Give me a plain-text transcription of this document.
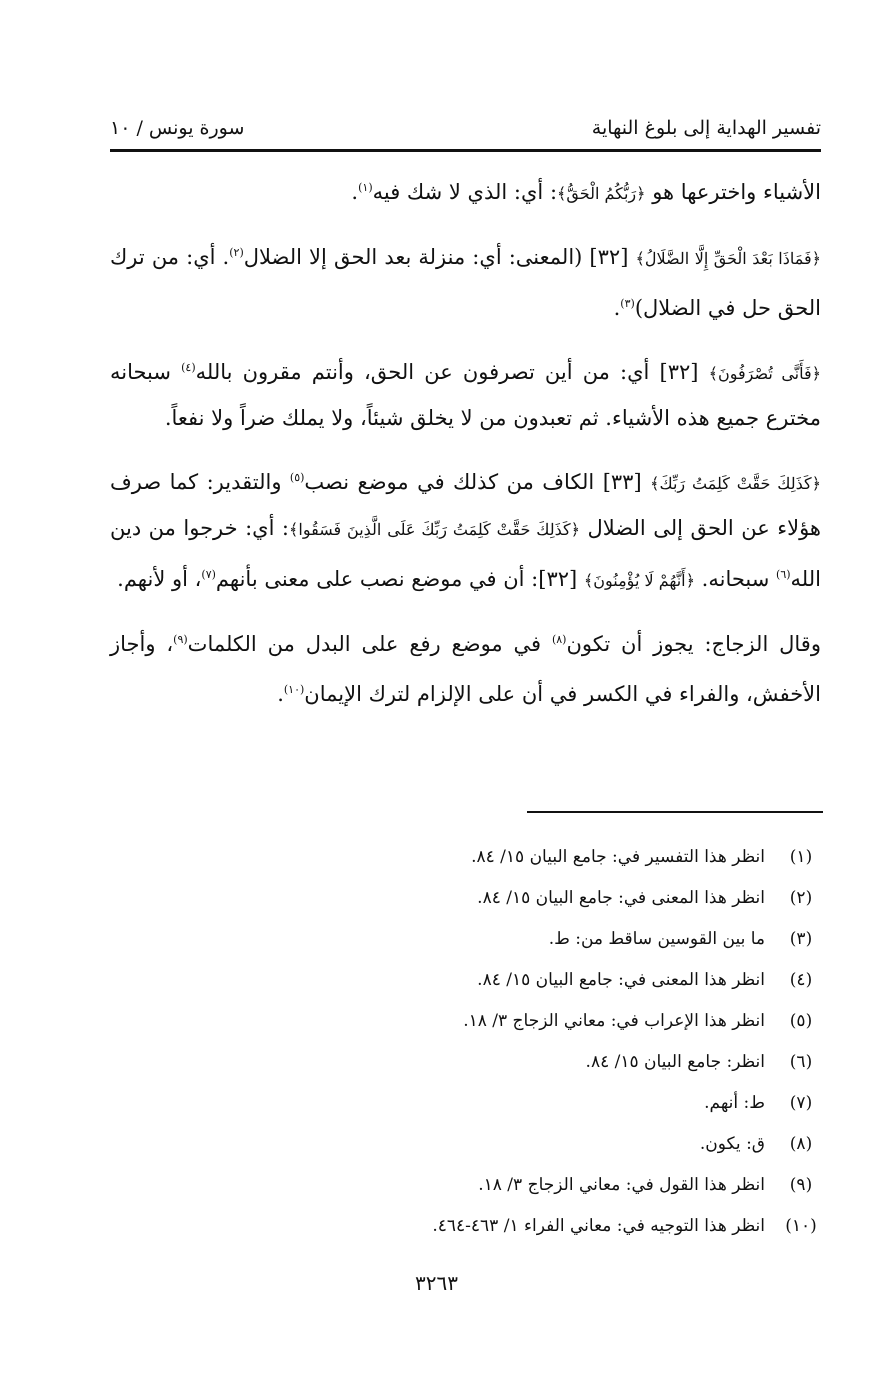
تفسير الهداية إلى بلوغ النهاية
سورة يونس / ١٠

الأشياء واخترعها هو ﴿رَبُّكُمُ الْحَقُّ﴾: أي: الذي لا شك فيه$^{(١)}$.

﴿فَمَاذَا بَعْدَ الْحَقِّ إِلَّا الضَّلَالُ﴾ [٣٢] (المعنى: أي: منزلة بعد الحق إلا الضلال$^{(٢)}$. أي: من ترك الحق حل في الضلال)$^{(٣)}$.

﴿فَأَنَّى تُصْرَفُونَ﴾ [٣٢] أي: من أين تصرفون عن الحق، وأنتم مقرون بالله$^{(٤)}$ سبحانه مخترع جميع هذه الأشياء. ثم تعبدون من لا يخلق شيئاً، ولا يملك ضراً ولا نفعاً.

﴿كَذَلِكَ حَقَّتْ كَلِمَتُ رَبِّكَ﴾ [٣٣] الكاف من كذلك في موضع نصب$^{(٥)}$ والتقدير: كما صرف هؤلاء عن الحق إلى الضلال ﴿كَذَلِكَ حَقَّتْ كَلِمَتُ رَبِّكَ عَلَى الَّذِينَ فَسَقُوا﴾: أي: خرجوا من دين الله$^{(٦)}$ سبحانه. ﴿أَنَّهُمْ لَا يُؤْمِنُونَ﴾ [٣٢]: أن في موضع نصب على معنى بأنهم$^{(٧)}$، أو لأنهم.

وقال الزجاج: يجوز أن تكون$^{(٨)}$ في موضع رفع على البدل من الكلمات$^{(٩)}$، وأجاز الأخفش، والفراء في الكسر في أن على الإلزام لترك الإيمان$^{(١٠)}$.

(١)
انظر هذا التفسير في: جامع البيان ١٥/ ٨٤.
(٢)
انظر هذا المعنى في: جامع البيان ١٥/ ٨٤.
(٣)
ما بين القوسين ساقط من: ط.
(٤)
انظر هذا المعنى في: جامع البيان ١٥/ ٨٤.
(٥)
انظر هذا الإعراب في: معاني الزجاج ٣/ ١٨.
(٦)
انظر: جامع البيان ١٥/ ٨٤.
(٧)
ط: أنهم.
(٨)
ق: يكون.
(٩)
انظر هذا القول في: معاني الزجاج ٣/ ١٨.
(١٠)
انظر هذا التوجيه في: معاني الفراء ١/ ٤٦٣-٤٦٤.
٣٢٦٣
